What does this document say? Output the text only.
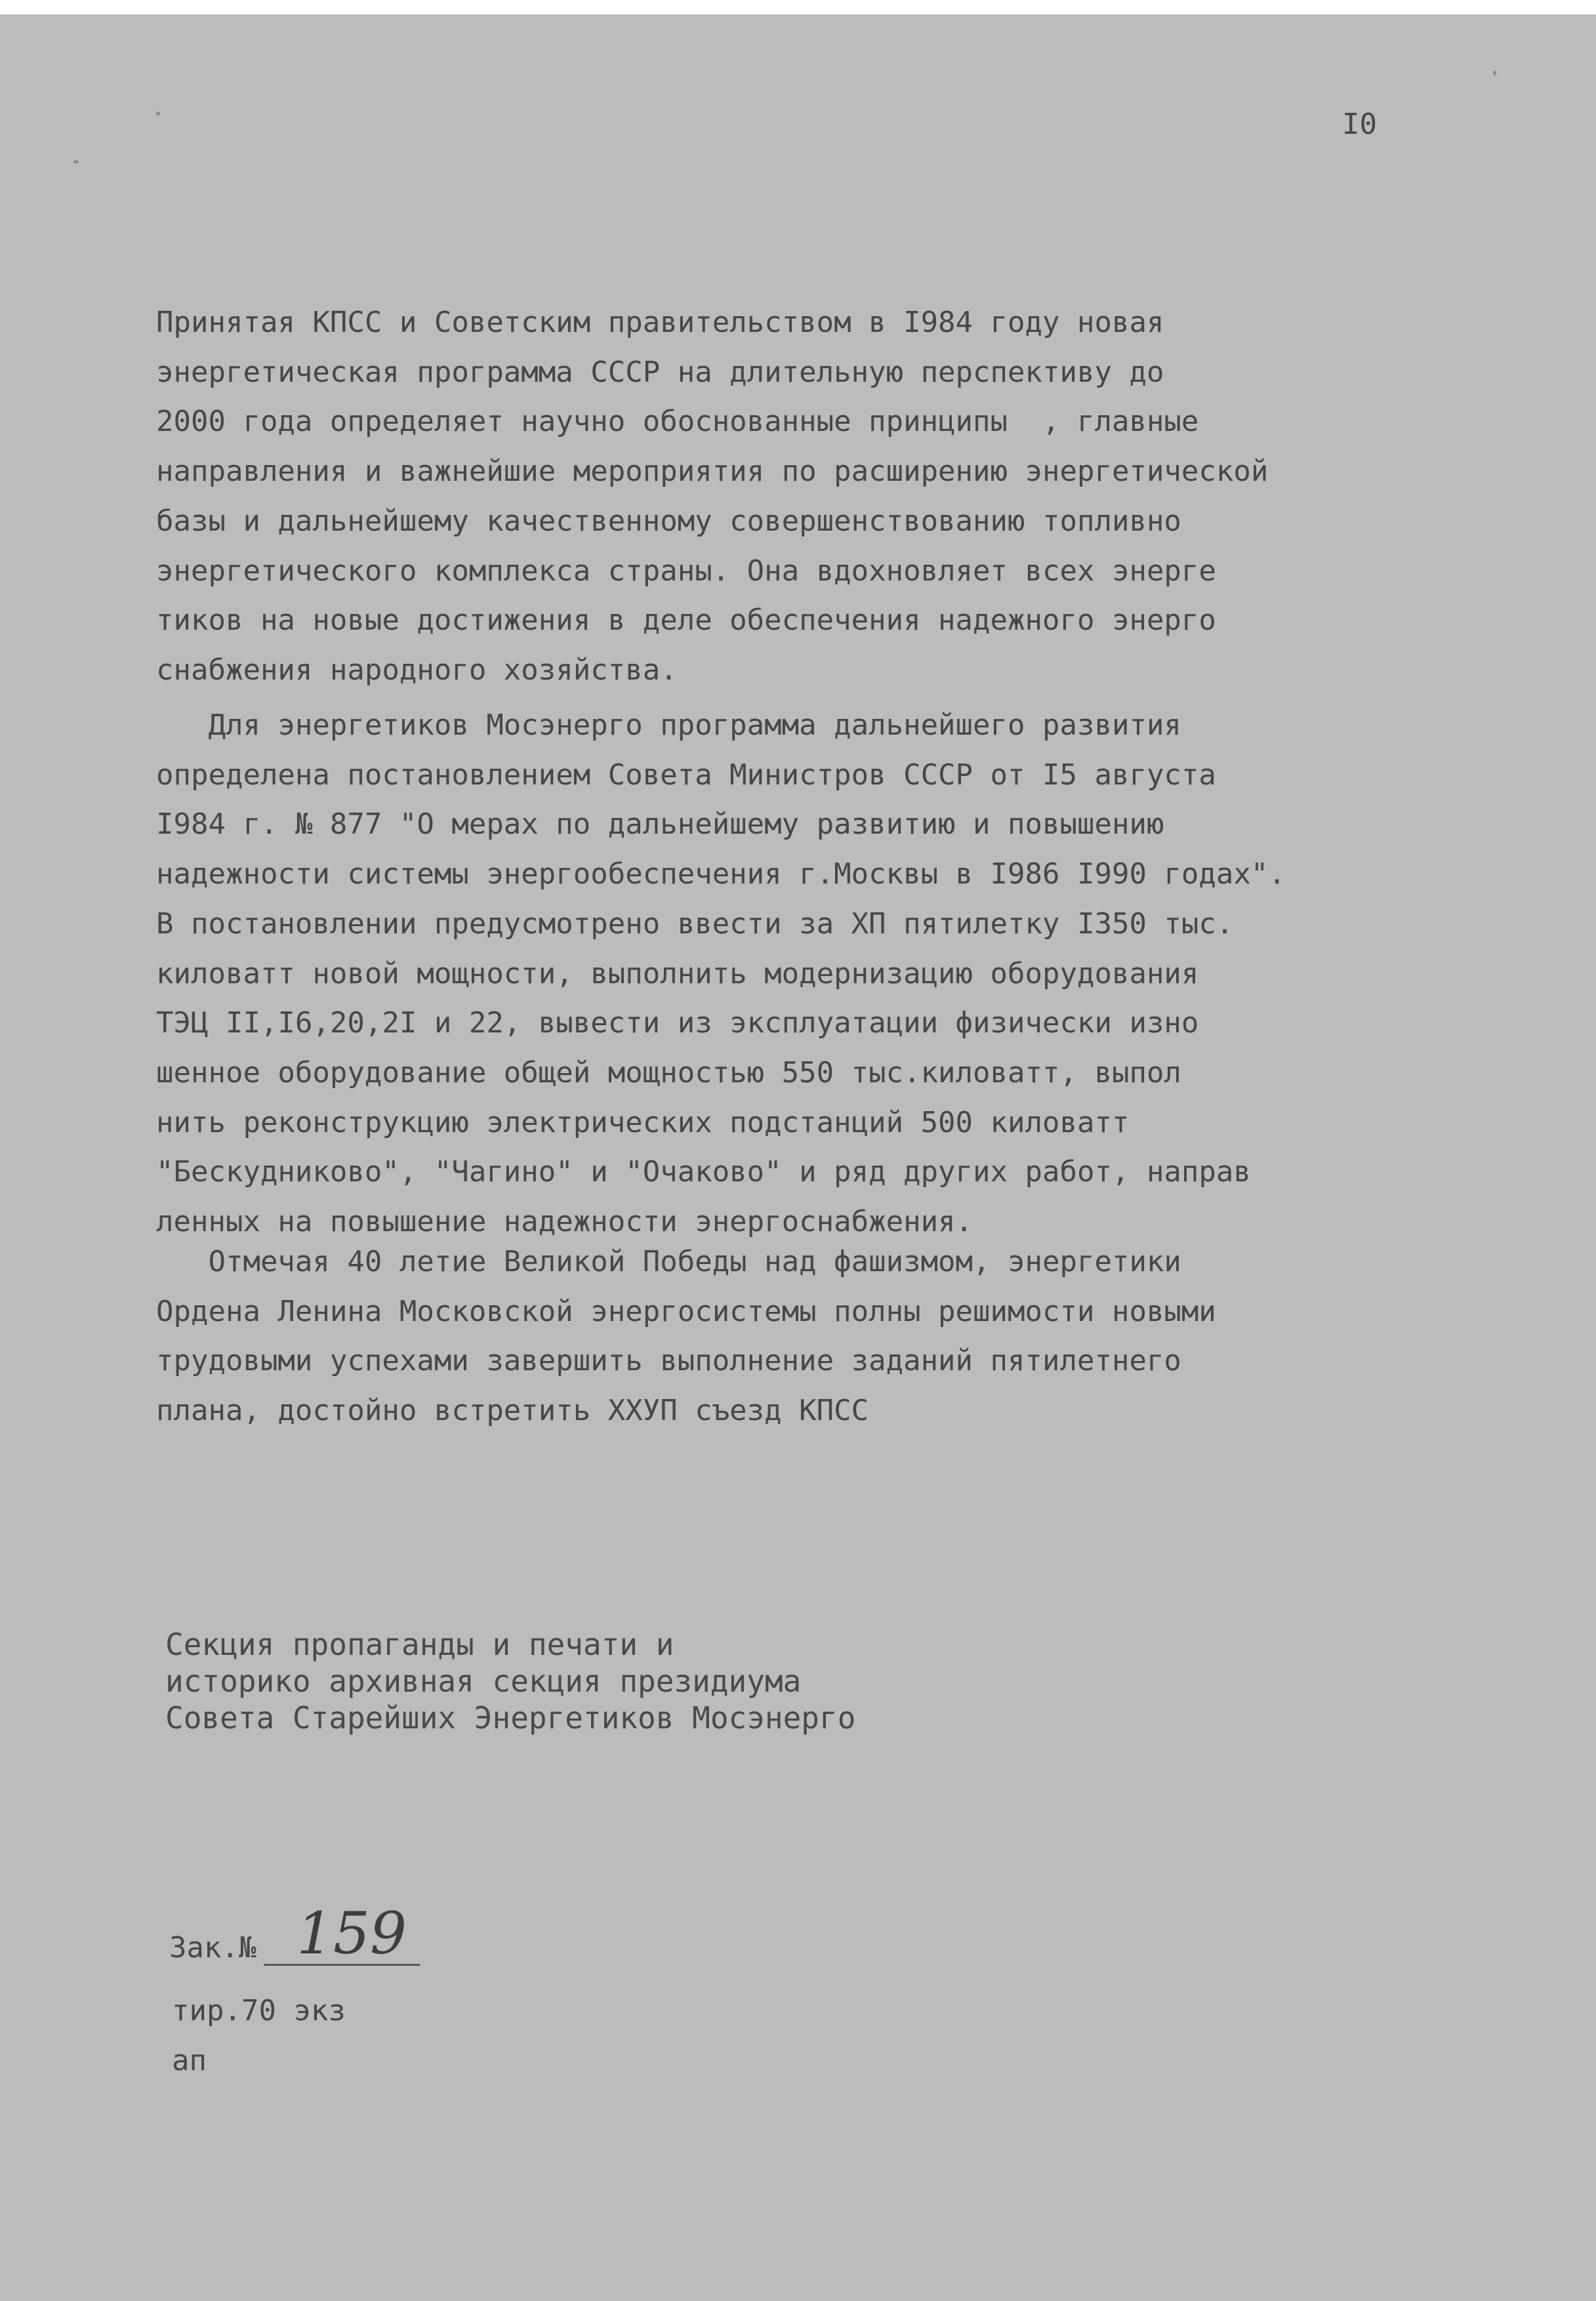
I0
Принятая КПСС и Советским правительством в I984 году новая
энергетическая программа СССР на длительную перспективу до
2000 года определяет научно обоснованные принципы  , главные
направления и важнейшие мероприятия по расширению энергетической
базы и дальнейшему качественному совершенствованию топливно
энергетического комплекса страны. Она вдохновляет всех энерге
тиков на новые достижения в деле обеспечения надежного энерго
снабжения народного хозяйства.
Для энергетиков Мосэнерго программа дальнейшего развития
определена постановлением Совета Министров СССР от I5 августа
I984 г. № 877 "О мерах по дальнейшему развитию и повышению
надежности системы энергообеспечения г.Москвы в I986 I990 годах".
В постановлении предусмотрено ввести за ХП пятилетку I350 тыс.
киловатт новой мощности, выполнить модернизацию оборудования
ТЭЦ II,I6,20,2I и 22, вывести из эксплуатации физически изно
шенное оборудование общей мощностью 550 тыс.киловатт, выпол
нить реконструкцию электрических подстанций 500 киловатт
"Бескудниково", "Чагино" и "Очаково" и ряд других работ, направ
ленных на повышение надежности энергоснабжения.
Отмечая 40 летие Великой Победы над фашизмом, энергетики
Ордена Ленина Московской энергосистемы полны решимости новыми
трудовыми успехами завершить выполнение заданий пятилетнего
плана, достойно встретить ХХУП съезд КПСС
Секция пропаганды и печати и
историко архивная секция президиума
Совета Старейших Энергетиков Мосэнерго
Зак.№ 159
тир.70 экз
ап
